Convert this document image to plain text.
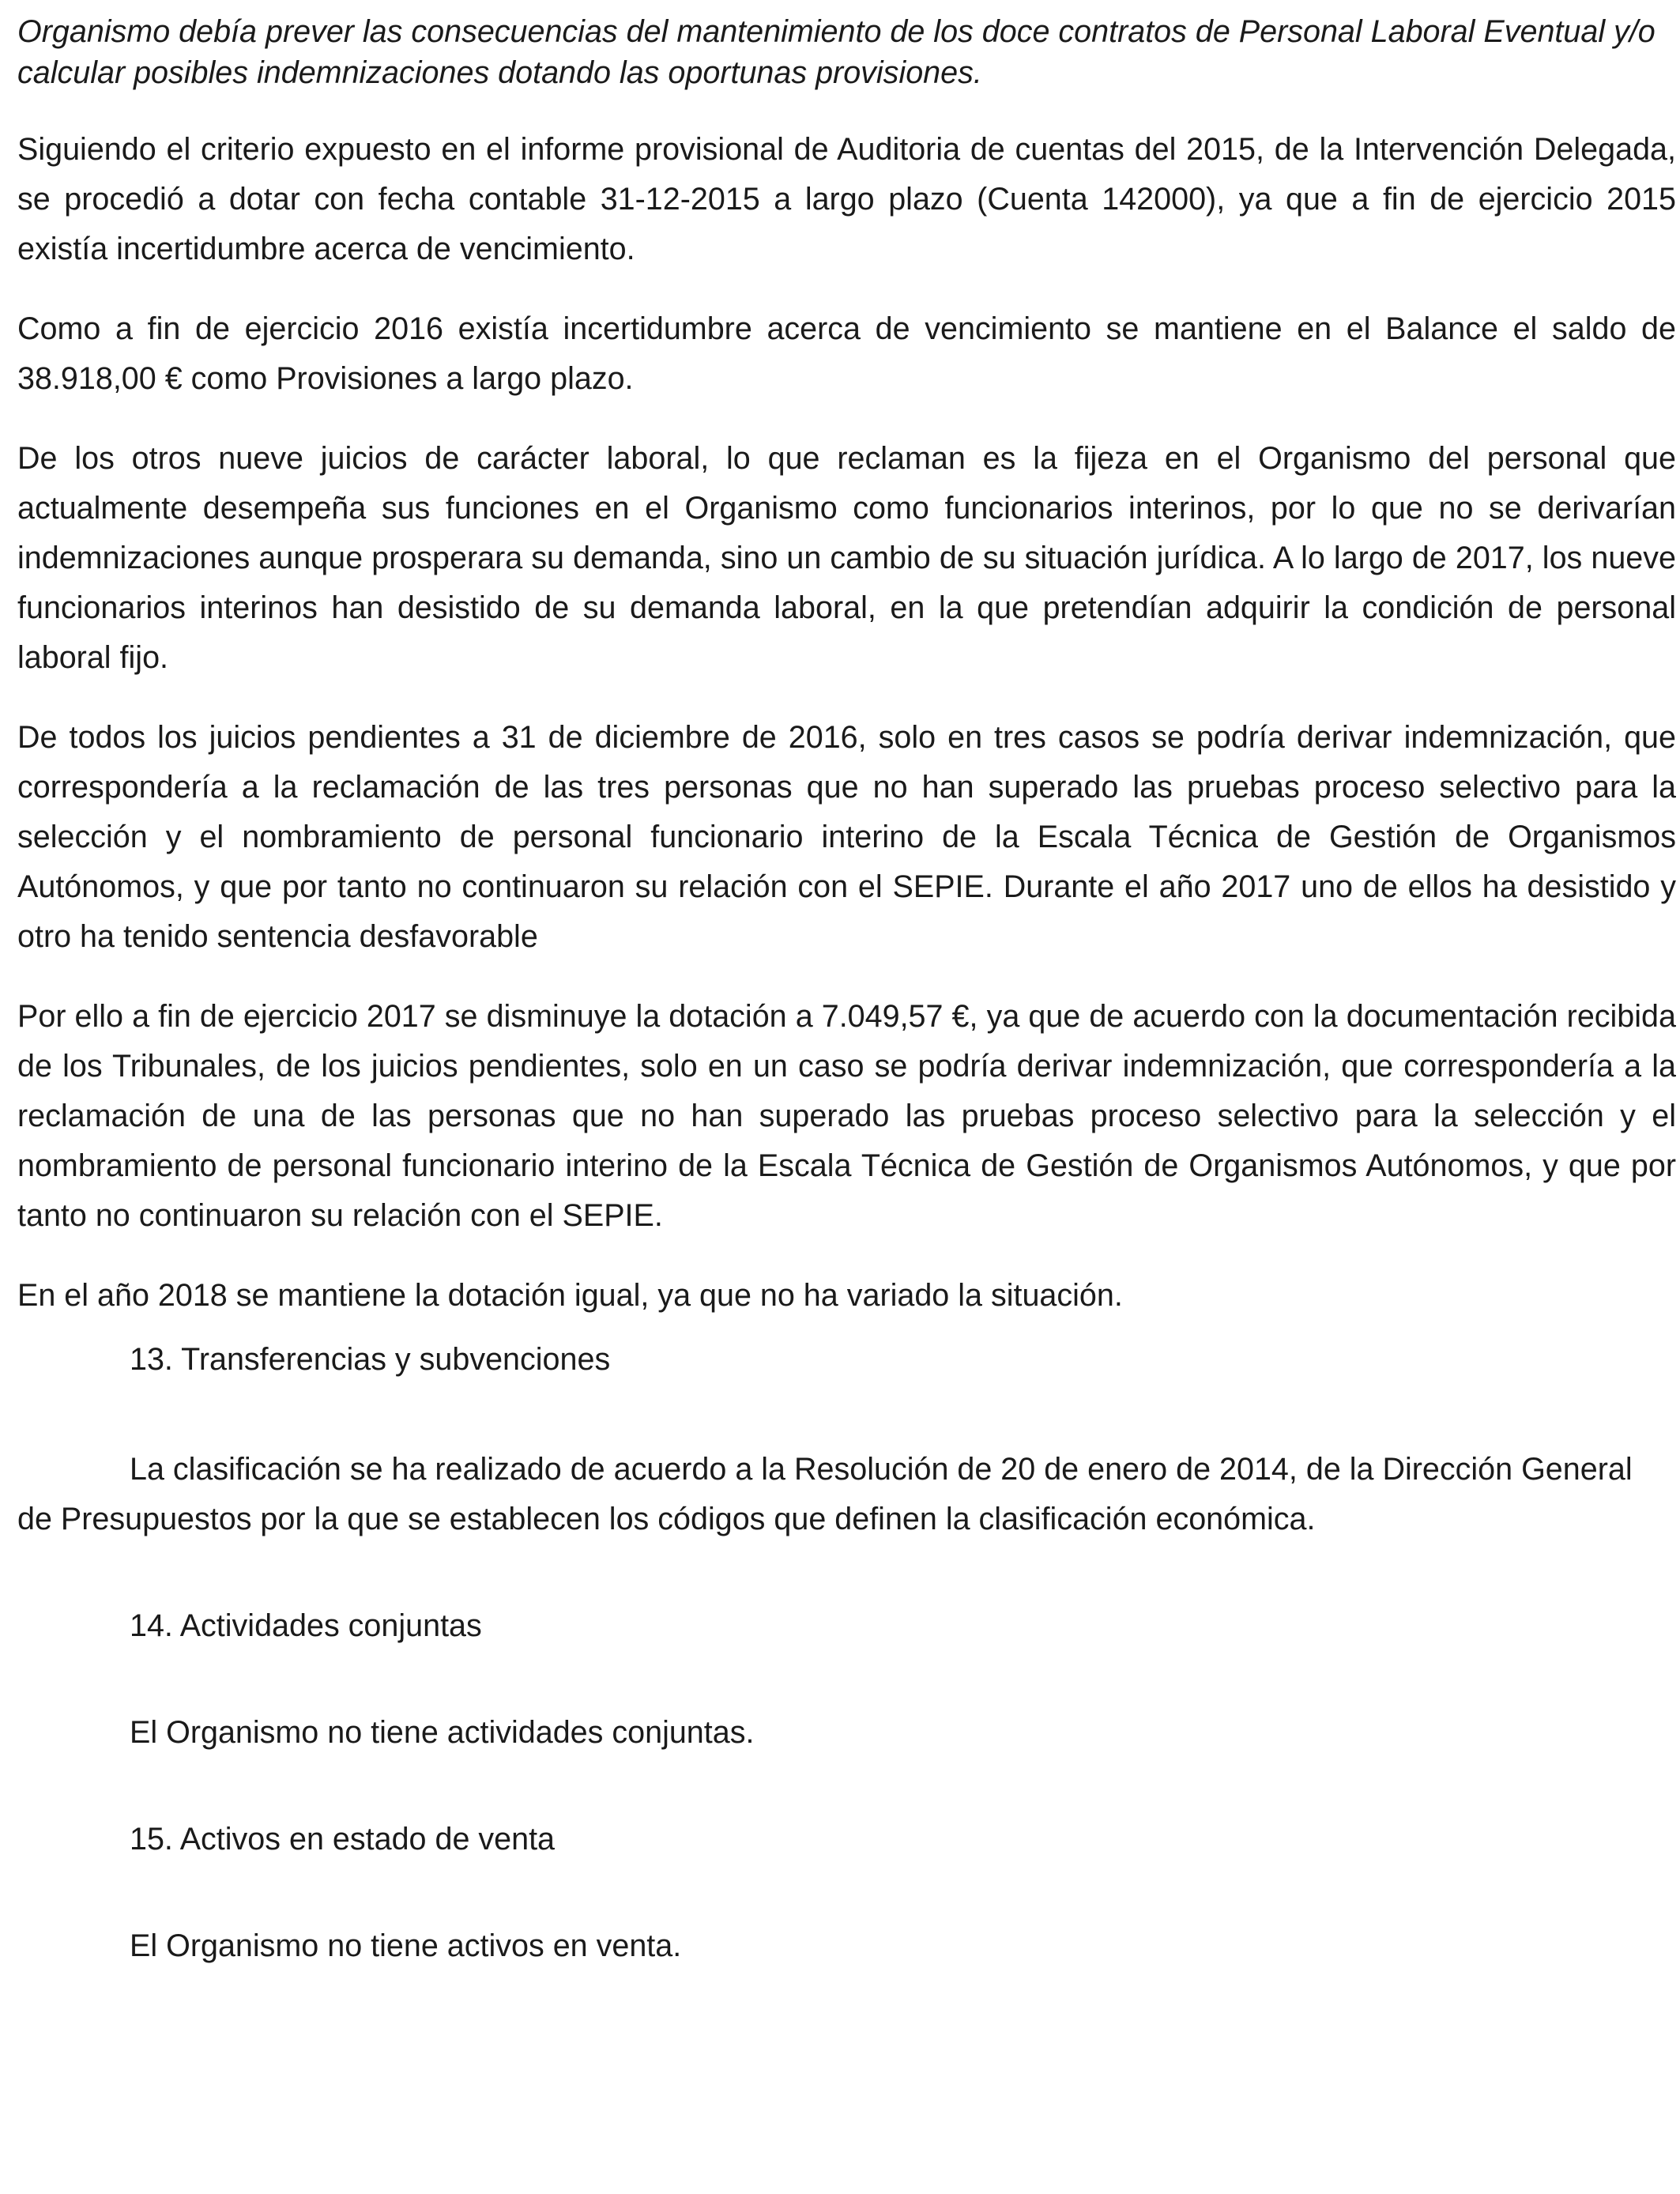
Organismo debía prever las consecuencias del mantenimiento de los doce contratos de Personal Laboral Eventual y/o calcular posibles indemnizaciones dotando las oportunas provisiones.

Siguiendo el criterio expuesto en el informe provisional de Auditoria de cuentas del 2015, de la Intervención Delegada, se procedió a dotar con fecha contable 31-12-2015 a largo plazo (Cuenta 142000), ya que a fin de ejercicio 2015 existía incertidumbre acerca de vencimiento.

Como a fin de ejercicio 2016 existía incertidumbre acerca de vencimiento se mantiene en el Balance el saldo de 38.918,00 € como Provisiones a largo plazo.

De los otros nueve juicios de carácter laboral, lo que reclaman es la fijeza en el Organismo del personal que actualmente desempeña sus funciones en el Organismo como funcionarios interinos, por lo que no se derivarían indemnizaciones aunque prosperara su demanda, sino un cambio de su situación jurídica. A lo largo de 2017, los nueve funcionarios interinos han desistido de su demanda laboral, en la que pretendían adquirir la condición de personal laboral fijo.

De todos los juicios pendientes a 31 de diciembre de 2016, solo en tres casos se podría derivar indemnización, que correspondería a la reclamación de las tres personas que no han superado las pruebas proceso selectivo para la selección y el nombramiento de personal funcionario interino de la Escala Técnica de Gestión de Organismos Autónomos, y que por tanto no continuaron su relación con el SEPIE. Durante el año 2017 uno de ellos ha desistido y otro ha tenido sentencia desfavorable

Por ello a fin de ejercicio 2017 se disminuye la dotación a 7.049,57 €, ya que de acuerdo con la documentación recibida de los Tribunales, de los juicios pendientes, solo en un caso se podría derivar indemnización, que correspondería a la reclamación de una de las personas que no han superado las pruebas proceso selectivo para la selección y el nombramiento de personal funcionario interino de la Escala Técnica de Gestión de Organismos Autónomos, y que por tanto no continuaron su relación con el SEPIE.

En el año 2018 se mantiene la dotación igual, ya que no ha variado la situación.

13. Transferencias y subvenciones

La clasificación se ha realizado de acuerdo a la Resolución de 20 de enero de 2014, de la Dirección General de Presupuestos por la que se establecen los códigos que definen la clasificación económica.

14. Actividades conjuntas

El Organismo no tiene actividades conjuntas.

15. Activos en estado de venta

El Organismo no tiene activos en venta.
